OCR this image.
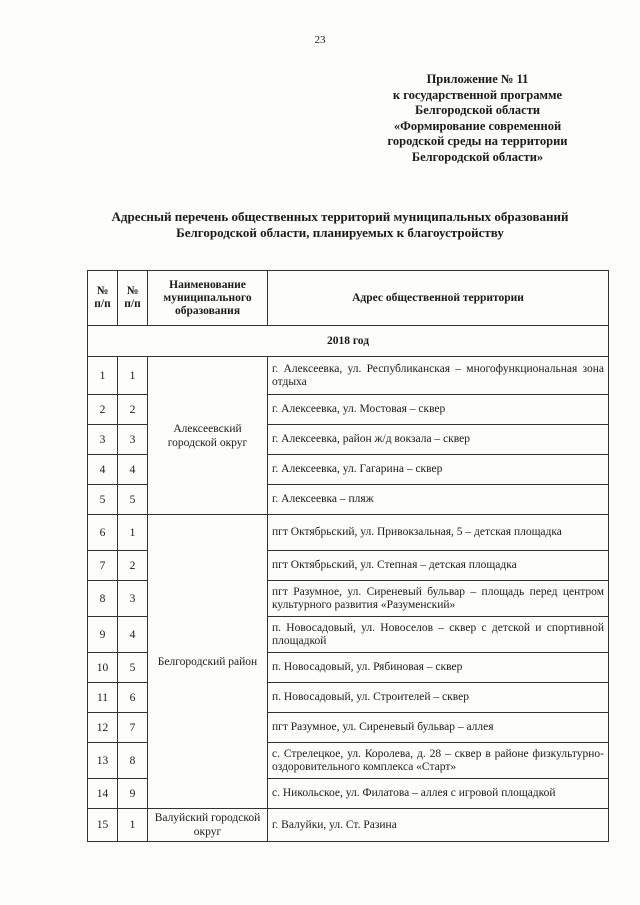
23
Приложение № 11
к государственной программе
Белгородской области
«Формирование современной
городской среды на территории
Белгородской области»
Адресный перечень общественных территорий муниципальных образований
Белгородской области, планируемых к благоустройству
№ п/п	№ п/п	Наименование муниципального образования	Адрес общественной территории
2018 год			
1	1	Алексеевский городской округ	г. Алексеевка, ул. Республиканская – многофункциональная зона отдыха
2	2		г. Алексеевка, ул. Мостовая – сквер
3	3		г. Алексеевка, район ж/д вокзала – сквер
4	4		г. Алексеевка, ул. Гагарина – сквер
5	5		г. Алексеевка – пляж
6	1	Белгородский район	пгт Октябрьский, ул. Привокзальная, 5 – детская площадка
7	2		пгт Октябрьский, ул. Степная – детская площадка
8	3		пгт Разумное, ул. Сиреневый бульвар – площадь перед центром культурного развития «Разуменский»
9	4		п. Новосадовый, ул. Новоселов – сквер с детской и спортивной площадкой
10	5		п. Новосадовый, ул. Рябиновая – сквер
11	6		п. Новосадовый, ул. Строителей – сквер
12	7		пгт Разумное, ул. Сиреневый бульвар – аллея
13	8		с. Стрелецкое, ул. Королева, д. 28 – сквер в районе физкультурно-оздоровительного комплекса «Старт»
14	9		с. Никольское, ул. Филатова – аллея с игровой площадкой
15	1	Валуйский городской округ	г. Валуйки, ул. Ст. Разина
